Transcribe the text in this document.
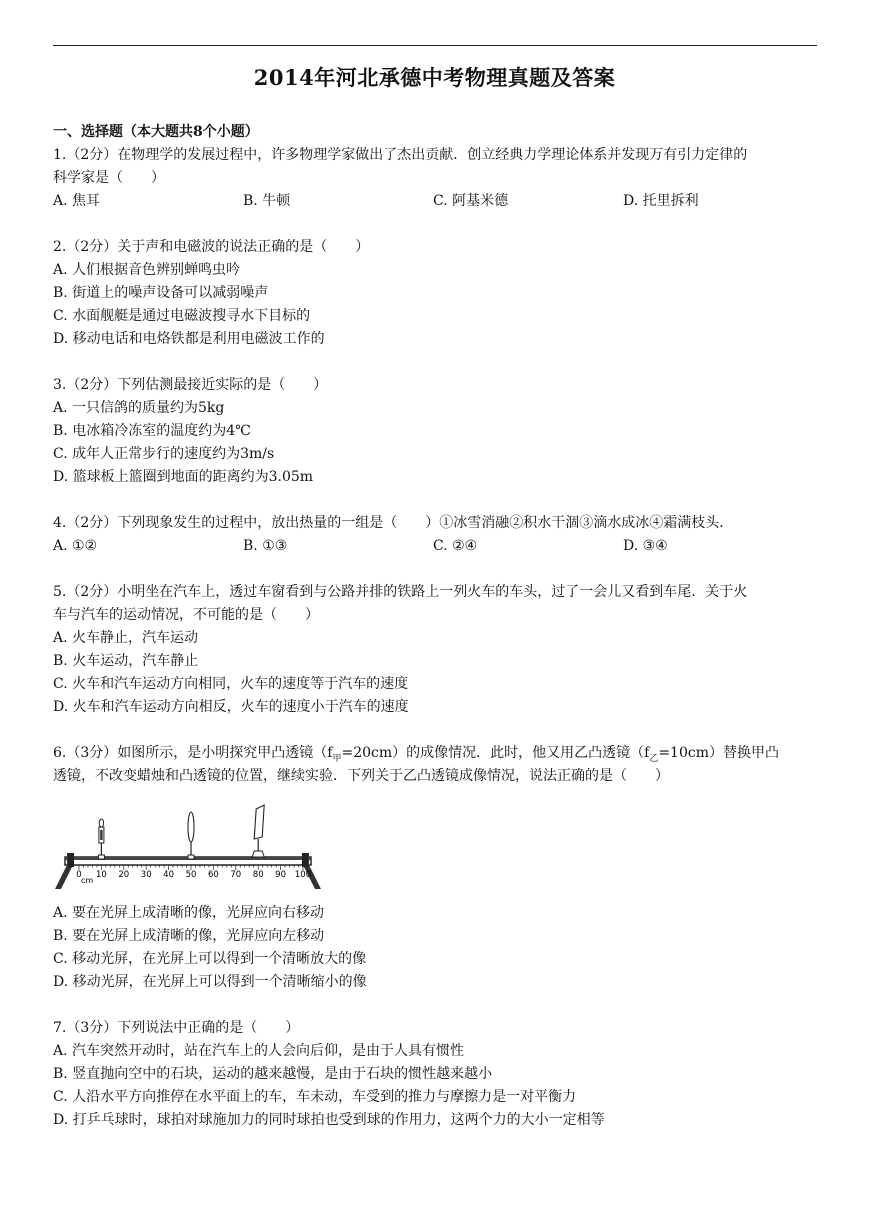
2014年河北承德中考物理真题及答案
一、选择题（本大题共8个小题）
1.（2分）在物理学的发展过程中，许多物理学家做出了杰出贡献．创立经典力学理论体系并发现万有引力定律的
科学家是（　　）
A. 焦耳	B. 牛顿	C. 阿基米德	D. 托里拆利
2.（2分）关于声和电磁波的说法正确的是（　　）
A. 人们根据音色辨别蝉鸣虫吟
B. 街道上的噪声设备可以减弱噪声
C. 水面舰艇是通过电磁波搜寻水下目标的
D. 移动电话和电烙铁都是利用电磁波工作的
3.（2分）下列估测最接近实际的是（　　）
A. 一只信鸽的质量约为5kg
B. 电冰箱冷冻室的温度约为4℃
C. 成年人正常步行的速度约为3m/s
D. 篮球板上篮圈到地面的距离约为3.05m
4.（2分）下列现象发生的过程中，放出热量的一组是（　　）①冰雪消融②积水干涸③滴水成冰④霜满枝头．
A. ①②	B. ①③	C. ②④	D. ③④
5.（2分）小明坐在汽车上，透过车窗看到与公路并排的铁路上一列火车的车头，过了一会儿又看到车尾．关于火
车与汽车的运动情况，不可能的是（　　）
A. 火车静止，汽车运动
B. 火车运动，汽车静止
C. 火车和汽车运动方向相同，火车的速度等于汽车的速度
D. 火车和汽车运动方向相反，火车的速度小于汽车的速度
6.（3分）如图所示，是小明探究甲凸透镜$(f_甲=20cm)$的成像情况．此时，他又用乙凸透镜$(f_乙=10cm)$替换甲凸
透镜，不改变蜡烛和凸透镜的位置，继续实验．下列关于乙凸透镜成像情况，说法正确的是（　　）
0 10 20 30 40 50 60 70 80 90 100
cm
A. 要在光屏上成清晰的像，光屏应向右移动
B. 要在光屏上成清晰的像，光屏应向左移动
C. 移动光屏，在光屏上可以得到一个清晰放大的像
D. 移动光屏，在光屏上可以得到一个清晰缩小的像
7.（3分）下列说法中正确的是（　　）
A. 汽车突然开动时，站在汽车上的人会向后仰，是由于人具有惯性
B. 竖直抛向空中的石块，运动的越来越慢，是由于石块的惯性越来越小
C. 人沿水平方向推停在水平面上的车，车未动，车受到的推力与摩擦力是一对平衡力
D. 打乒乓球时，球拍对球施加力的同时球拍也受到球的作用力，这两个力的大小一定相等
